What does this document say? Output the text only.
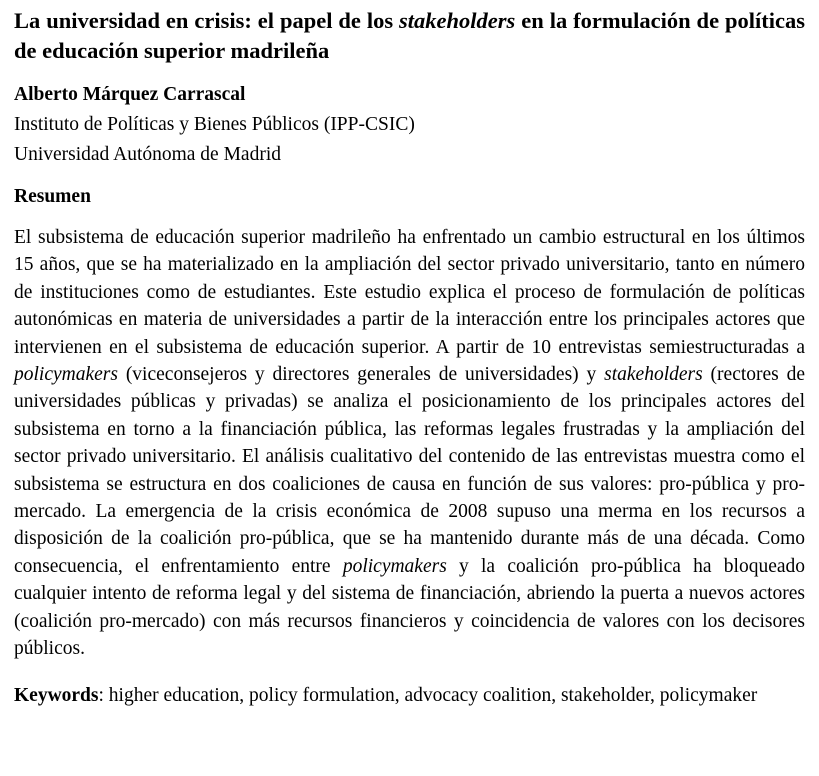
La universidad en crisis: el papel de los stakeholders en la formulación de políticas de educación superior madrileña
Alberto Márquez Carrascal
Instituto de Políticas y Bienes Públicos (IPP-CSIC)
Universidad Autónoma de Madrid
Resumen

El subsistema de educación superior madrileño ha enfrentado un cambio estructural en los últimos 15 años, que se ha materializado en la ampliación del sector privado universitario, tanto en número de instituciones como de estudiantes. Este estudio explica el proceso de formulación de políticas autonómicas en materia de universidades a partir de la interacción entre los principales actores que intervienen en el subsistema de educación superior. A partir de 10 entrevistas semiestructuradas a policymakers (viceconsejeros y directores generales de universidades) y stakeholders (rectores de universidades públicas y privadas) se analiza el posicionamiento de los principales actores del subsistema en torno a la financiación pública, las reformas legales frustradas y la ampliación del sector privado universitario. El análisis cualitativo del contenido de las entrevistas muestra como el subsistema se estructura en dos coaliciones de causa en función de sus valores: pro-pública y pro-mercado. La emergencia de la crisis económica de 2008 supuso una merma en los recursos a disposición de la coalición pro-pública, que se ha mantenido durante más de una década. Como consecuencia, el enfrentamiento entre policymakers y la coalición pro-pública ha bloqueado cualquier intento de reforma legal y del sistema de financiación, abriendo la puerta a nuevos actores (coalición pro-mercado) con más recursos financieros y coincidencia de valores con los decisores públicos.

Keywords: higher education, policy formulation, advocacy coalition, stakeholder, policymaker
